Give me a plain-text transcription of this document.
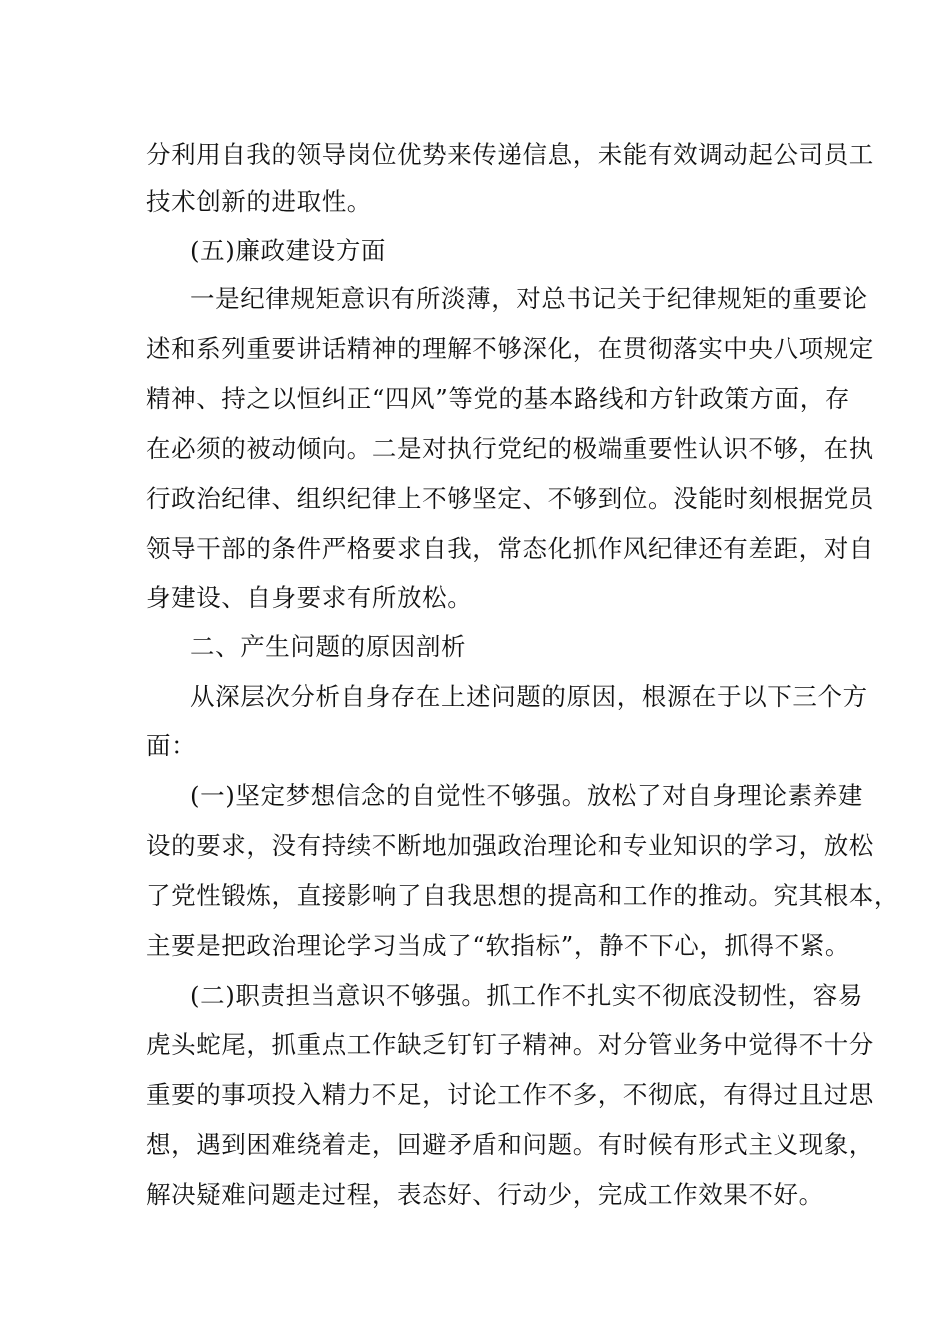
分利用自我的领导岗位优势来传递信息，未能有效调动起公司员工
技术创新的进取性。
(五)廉政建设方面
一是纪律规矩意识有所淡薄，对总书记关于纪律规矩的重要论
述和系列重要讲话精神的理解不够深化，在贯彻落实中央八项规定
精神、持之以恒纠正“四风”等党的基本路线和方针政策方面，存
在必须的被动倾向。二是对执行党纪的极端重要性认识不够，在执
行政治纪律、组织纪律上不够坚定、不够到位。没能时刻根据党员
领导干部的条件严格要求自我，常态化抓作风纪律还有差距，对自
身建设、自身要求有所放松。
二、产生问题的原因剖析
从深层次分析自身存在上述问题的原因，根源在于以下三个方
面：
(一)坚定梦想信念的自觉性不够强。放松了对自身理论素养建
设的要求，没有持续不断地加强政治理论和专业知识的学习，放松
了党性锻炼，直接影响了自我思想的提高和工作的推动。究其根本，
主要是把政治理论学习当成了“软指标”，静不下心，抓得不紧。
(二)职责担当意识不够强。抓工作不扎实不彻底没韧性，容易
虎头蛇尾，抓重点工作缺乏钉钉子精神。对分管业务中觉得不十分
重要的事项投入精力不足，讨论工作不多，不彻底，有得过且过思
想，遇到困难绕着走，回避矛盾和问题。有时候有形式主义现象，
解决疑难问题走过程，表态好、行动少，完成工作效果不好。
